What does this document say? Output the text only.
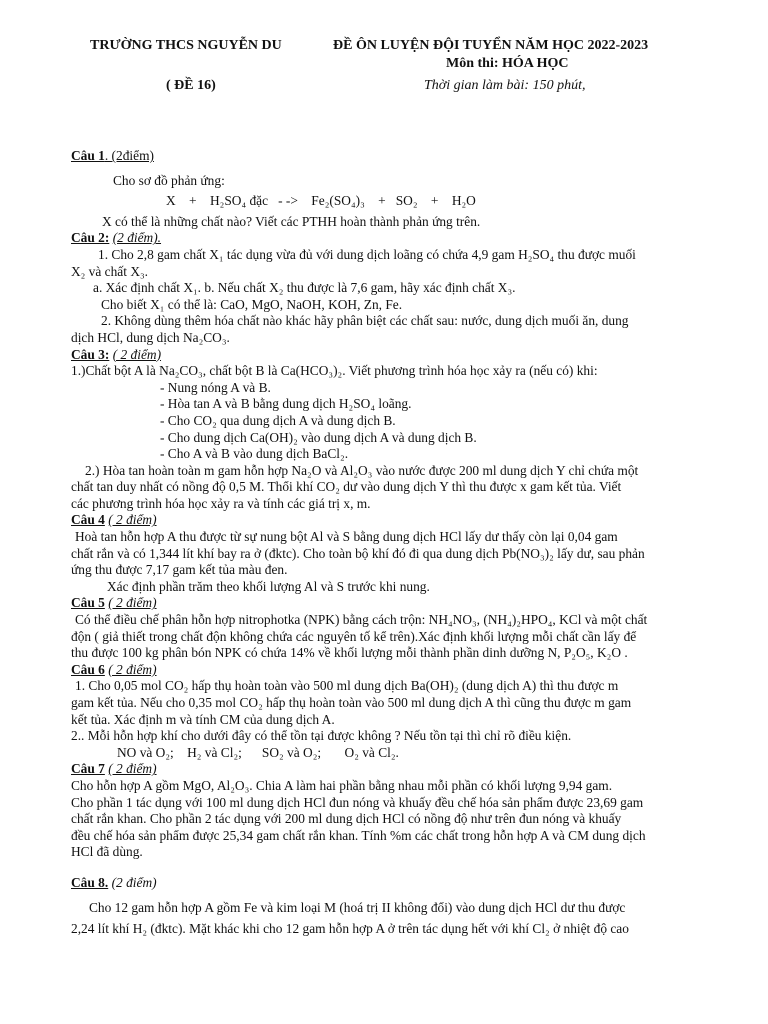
TRƯỜNG THCS NGUYỄN DU	ĐỀ ÔN LUYỆN ĐỘI TUYỂN NĂM HỌC 2022-2023
Môn thi: HÓA HỌC
( ĐỀ 16)	Thời gian làm bài: 150 phút,
Câu 1. (2điểm)
Cho sơ đồ phản ứng:
X    +    H₂SO₄ đặc   - ->    Fe₂(SO₄)₃    +   SO₂    +    H₂O
X có thể là những chất nào? Viết các PTHH hoàn thành phản ứng trên.
Câu 2: (2 điểm).
1. Cho 2,8 gam chất X₁ tác dụng vừa đủ với dung dịch loãng có chứa 4,9 gam H₂SO₄ thu được muối
X₂ và chất X₃.
a. Xác định chất X₁. b. Nếu chất X₂ thu được là 7,6 gam, hãy xác định chất X₃.
Cho biết X₁ có thể là: CaO, MgO, NaOH, KOH, Zn, Fe.
2. Không dùng thêm hóa chất nào khác hãy phân biệt các chất sau: nước, dung dịch muối ăn, dung
dịch HCl, dung dịch Na₂CO₃.
Câu 3: ( 2 điểm)
1.)Chất bột A là Na₂CO₃, chất bột B là Ca(HCO₃)₂. Viết phương trình hóa học xảy ra (nếu có) khi:
- Nung nóng A và B.
- Hòa tan A và B bằng dung dịch H₂SO₄ loãng.
- Cho CO₂ qua dung dịch A và dung dịch B.
- Cho dung dịch Ca(OH)₂ vào dung dịch A và dung dịch B.
- Cho A và B vào dung dịch BaCl₂.
2.) Hòa tan hoàn toàn m gam hỗn hợp Na₂O và Al₂O₃ vào nước được 200 ml dung dịch Y chỉ chứa một
chất tan duy nhất có nồng độ 0,5 M. Thổi khí CO₂ dư vào dung dịch Y thì thu được x gam kết tủa. Viết
các phương trình hóa học xảy ra và tính các giá trị x, m.
Câu 4 ( 2 điểm)
Hoà tan hỗn hợp A thu được từ sự nung bột Al và S bằng dung dịch HCl lấy dư thấy còn lại 0,04 gam
chất rắn và có 1,344 lít khí bay ra ở (đktc). Cho toàn bộ khí đó đi qua dung dịch Pb(NO₃)₂ lấy dư, sau phản
ứng thu được 7,17 gam kết tủa màu đen.
Xác định phần trăm theo khối lượng Al và S trước khi nung.
Câu 5 ( 2 điểm)
Có thể điều chế phân hỗn hợp nitrophotka (NPK) bằng cách trộn: NH₄NO₃, (NH₄)₂HPO₄, KCl và một chất
độn ( giả thiết trong chất độn không chứa các nguyên tố kể trên).Xác định khối lượng mỗi chất cần lấy để
thu được 100 kg phân bón NPK có chứa 14% về khối lượng mỗi thành phần dinh dưỡng N, P₂O₅, K₂O .
Câu 6 ( 2 điểm)
1. Cho 0,05 mol CO₂ hấp thụ hoàn toàn vào 500 ml dung dịch Ba(OH)₂ (dung dịch A) thì thu được m
gam kết tủa. Nếu cho 0,35 mol CO₂ hấp thụ hoàn toàn vào 500 ml dung dịch A thì cũng thu được m gam
kết tủa. Xác định m và tính CM của dung dịch A.
2.. Mỗi hỗn hợp khí cho dưới đây có thể tồn tại được không ? Nếu tồn tại thì chỉ rõ điều kiện.
NO và O₂;    H₂ và Cl₂;      SO₂ và O₂;       O₂ và Cl₂.
Câu 7 ( 2 điểm)
Cho hỗn hợp A gồm MgO, Al₂O₃. Chia A làm hai phần bằng nhau mỗi phần có khối lượng 9,94 gam.
Cho phần 1 tác dụng với 100 ml dung dịch HCl đun nóng và khuấy đều chế hóa sản phẩm được 23,69 gam
chất rắn khan. Cho phần 2 tác dụng với 200 ml dung dịch HCl có nồng độ như trên đun nóng và khuấy
đều chế hóa sản phẩm được 25,34 gam chất rắn khan. Tính %m các chất trong hỗn hợp A và CM dung dịch
HCl đã dùng.
Câu 8. (2 điểm)
Cho 12 gam hỗn hợp A gồm Fe và kim loại M (hoá trị II không đổi) vào dung dịch HCl dư thu được
2,24 lít khí H₂ (đktc). Mặt khác khi cho 12 gam hỗn hợp A ở trên tác dụng hết với khí Cl₂ ở nhiệt độ cao
